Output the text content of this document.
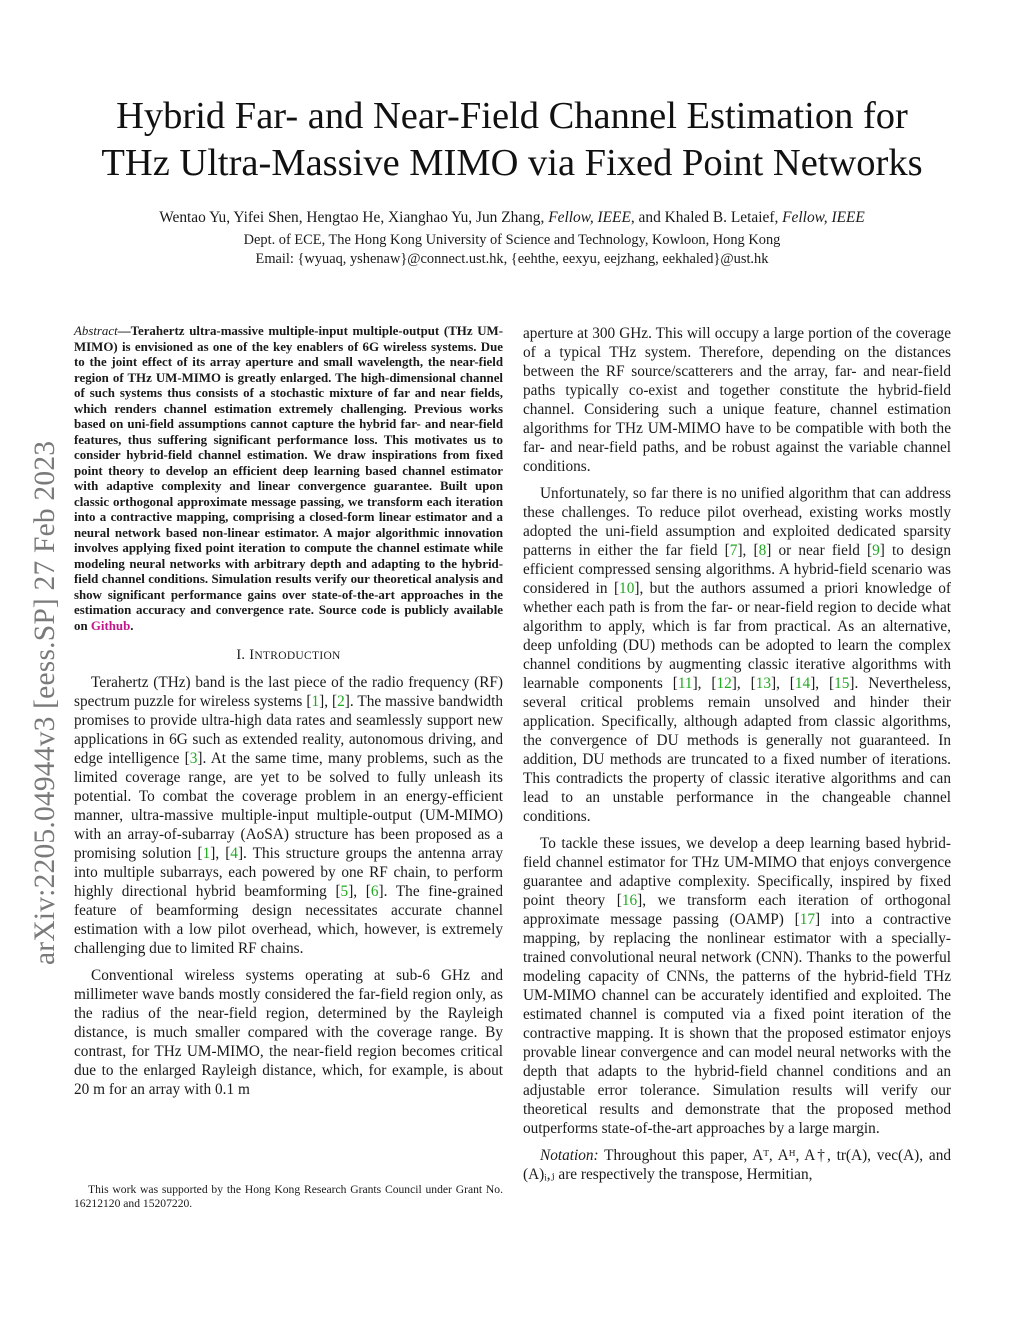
arXiv:2205.04944v3 [eess.SP] 27 Feb 2023
Hybrid Far- and Near-Field Channel Estimation for
THz Ultra-Massive MIMO via Fixed Point Networks
Wentao Yu, Yifei Shen, Hengtao He, Xianghao Yu, Jun Zhang, Fellow, IEEE, and Khaled B. Letaief, Fellow, IEEE
Dept. of ECE, The Hong Kong University of Science and Technology, Kowloon, Hong Kong
Email: {wyuaq, yshenaw}@connect.ust.hk, {eehthe, eexyu, eejzhang, eekhaled}@ust.hk

Abstract—Terahertz ultra-massive multiple-input multiple-output (THz UM-MIMO) is envisioned as one of the key enablers of 6G wireless systems. Due to the joint effect of its array aperture and small wavelength, the near-field region of THz UM-MIMO is greatly enlarged. The high-dimensional channel of such systems thus consists of a stochastic mixture of far and near fields, which renders channel estimation extremely challenging. Previous works based on uni-field assumptions cannot capture the hybrid far- and near-field features, thus suffering significant performance loss. This motivates us to consider hybrid-field channel estimation. We draw inspirations from fixed point theory to develop an efficient deep learning based channel estimator with adaptive complexity and linear convergence guarantee. Built upon classic orthogonal approximate message passing, we transform each iteration into a contractive mapping, comprising a closed-form linear estimator and a neural network based non-linear estimator. A major algorithmic innovation involves applying fixed point iteration to compute the channel estimate while modeling neural networks with arbitrary depth and adapting to the hybrid-field channel conditions. Simulation results verify our theoretical analysis and show significant performance gains over state-of-the-art approaches in the estimation accuracy and convergence rate. Source code is publicly available on Github.

I. INTRODUCTION

Terahertz (THz) band is the last piece of the radio frequency (RF) spectrum puzzle for wireless systems [1], [2]. The massive bandwidth promises to provide ultra-high data rates and seamlessly support new applications in 6G such as extended reality, autonomous driving, and edge intelligence [3]. At the same time, many problems, such as the limited coverage range, are yet to be solved to fully unleash its potential. To combat the coverage problem in an energy-efficient manner, ultra-massive multiple-input multiple-output (UM-MIMO) with an array-of-subarray (AoSA) structure has been proposed as a promising solution [1], [4]. This structure groups the antenna array into multiple subarrays, each powered by one RF chain, to perform highly directional hybrid beamforming [5], [6]. The fine-grained feature of beamforming design necessitates accurate channel estimation with a low pilot overhead, which, however, is extremely challenging due to limited RF chains.

Conventional wireless systems operating at sub-6 GHz and millimeter wave bands mostly considered the far-field region only, as the radius of the near-field region, determined by the Rayleigh distance, is much smaller compared with the coverage range. By contrast, for THz UM-MIMO, the near-field region becomes critical due to the enlarged Rayleigh distance, which, for example, is about 20 m for an array with 0.1 m

This work was supported by the Hong Kong Research Grants Council under Grant No. 16212120 and 15207220.

aperture at 300 GHz. This will occupy a large portion of the coverage of a typical THz system. Therefore, depending on the distances between the RF source/scatterers and the array, far- and near-field paths typically co-exist and together constitute the hybrid-field channel. Considering such a unique feature, channel estimation algorithms for THz UM-MIMO have to be compatible with both the far- and near-field paths, and be robust against the variable channel conditions.

Unfortunately, so far there is no unified algorithm that can address these challenges. To reduce pilot overhead, existing works mostly adopted the uni-field assumption and exploited dedicated sparsity patterns in either the far field [7], [8] or near field [9] to design efficient compressed sensing algorithms. A hybrid-field scenario was considered in [10], but the authors assumed a priori knowledge of whether each path is from the far- or near-field region to decide what algorithm to apply, which is far from practical. As an alternative, deep unfolding (DU) methods can be adopted to learn the complex channel conditions by augmenting classic iterative algorithms with learnable components [11], [12], [13], [14], [15]. Nevertheless, several critical problems remain unsolved and hinder their application. Specifically, although adapted from classic algorithms, the convergence of DU methods is generally not guaranteed. In addition, DU methods are truncated to a fixed number of iterations. This contradicts the property of classic iterative algorithms and can lead to an unstable performance in the changeable channel conditions.

To tackle these issues, we develop a deep learning based hybrid-field channel estimator for THz UM-MIMO that enjoys convergence guarantee and adaptive complexity. Specifically, inspired by fixed point theory [16], we transform each iteration of orthogonal approximate message passing (OAMP) [17] into a contractive mapping, by replacing the nonlinear estimator with a specially-trained convolutional neural network (CNN). Thanks to the powerful modeling capacity of CNNs, the patterns of the hybrid-field THz UM-MIMO channel can be accurately identified and exploited. The estimated channel is computed via a fixed point iteration of the contractive mapping. It is shown that the proposed estimator enjoys provable linear convergence and can model neural networks with the depth that adapts to the hybrid-field channel conditions and an adjustable error tolerance. Simulation results will verify our theoretical results and demonstrate that the proposed method outperforms state-of-the-art approaches by a large margin.

Notation: Throughout this paper, Aᵀ, Aᴴ, A†, tr(A), vec(A), and (A)ᵢ,ⱼ are respectively the transpose, Hermitian,
